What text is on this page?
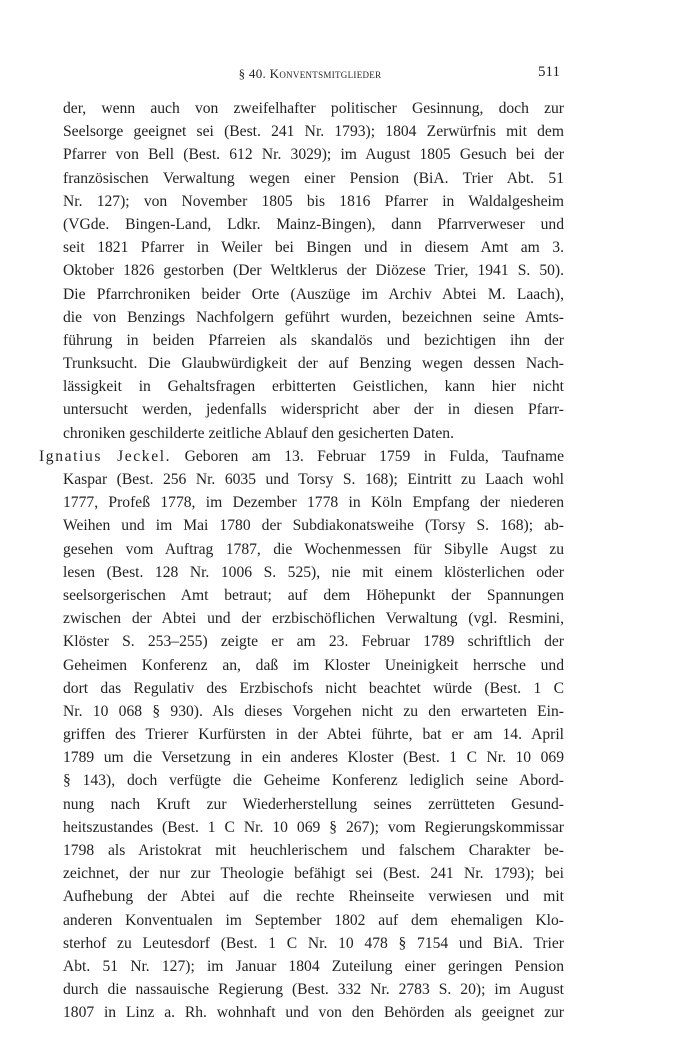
§ 40. Konventsmitglieder	511
der, wenn auch von zweifelhafter politischer Gesinnung, doch zur
Seelsorge geeignet sei (Best. 241 Nr. 1793); 1804 Zerwürfnis mit dem
Pfarrer von Bell (Best. 612 Nr. 3029); im August 1805 Gesuch bei der
französischen Verwaltung wegen einer Pension (BiA. Trier Abt. 51
Nr. 127); von November 1805 bis 1816 Pfarrer in Waldalgesheim
(VGde. Bingen-Land, Ldkr. Mainz-Bingen), dann Pfarrverweser und
seit 1821 Pfarrer in Weiler bei Bingen und in diesem Amt am 3.
Oktober 1826 gestorben (Der Weltklerus der Diözese Trier, 1941 S. 50).
Die Pfarrchroniken beider Orte (Auszüge im Archiv Abtei M. Laach),
die von Benzings Nachfolgern geführt wurden, bezeichnen seine Amts-
führung in beiden Pfarreien als skandalös und bezichtigen ihn der
Trunksucht. Die Glaubwürdigkeit der auf Benzing wegen dessen Nach-
lässigkeit in Gehaltsfragen erbitterten Geistlichen, kann hier nicht
untersucht werden, jedenfalls widerspricht aber der in diesen Pfarr-
chroniken geschilderte zeitliche Ablauf den gesicherten Daten.
Ignatius Jeckel. Geboren am 13. Februar 1759 in Fulda, Taufname
Kaspar (Best. 256 Nr. 6035 und Torsy S. 168); Eintritt zu Laach wohl
1777, Profeß 1778, im Dezember 1778 in Köln Empfang der niederen
Weihen und im Mai 1780 der Subdiakonatsweihe (Torsy S. 168); ab-
gesehen vom Auftrag 1787, die Wochenmessen für Sibylle Augst zu
lesen (Best. 128 Nr. 1006 S. 525), nie mit einem klösterlichen oder
seelsorgerischen Amt betraut; auf dem Höhepunkt der Spannungen
zwischen der Abtei und der erzbischöflichen Verwaltung (vgl. Resmini,
Klöster S. 253–255) zeigte er am 23. Februar 1789 schriftlich der
Geheimen Konferenz an, daß im Kloster Uneinigkeit herrsche und
dort das Regulativ des Erzbischofs nicht beachtet würde (Best. 1 C
Nr. 10 068 § 930). Als dieses Vorgehen nicht zu den erwarteten Ein-
griffen des Trierer Kurfürsten in der Abtei führte, bat er am 14. April
1789 um die Versetzung in ein anderes Kloster (Best. 1 C Nr. 10 069
§ 143), doch verfügte die Geheime Konferenz lediglich seine Abord-
nung nach Kruft zur Wiederherstellung seines zerrütteten Gesund-
heitszustandes (Best. 1 C Nr. 10 069 § 267); vom Regierungskommissar
1798 als Aristokrat mit heuchlerischem und falschem Charakter be-
zeichnet, der nur zur Theologie befähigt sei (Best. 241 Nr. 1793); bei
Aufhebung der Abtei auf die rechte Rheinseite verwiesen und mit
anderen Konventualen im September 1802 auf dem ehemaligen Klo-
sterhof zu Leutesdorf (Best. 1 C Nr. 10 478 § 7154 und BiA. Trier
Abt. 51 Nr. 127); im Januar 1804 Zuteilung einer geringen Pension
durch die nassauische Regierung (Best. 332 Nr. 2783 S. 20); im August
1807 in Linz a. Rh. wohnhaft und von den Behörden als geeignet zur
